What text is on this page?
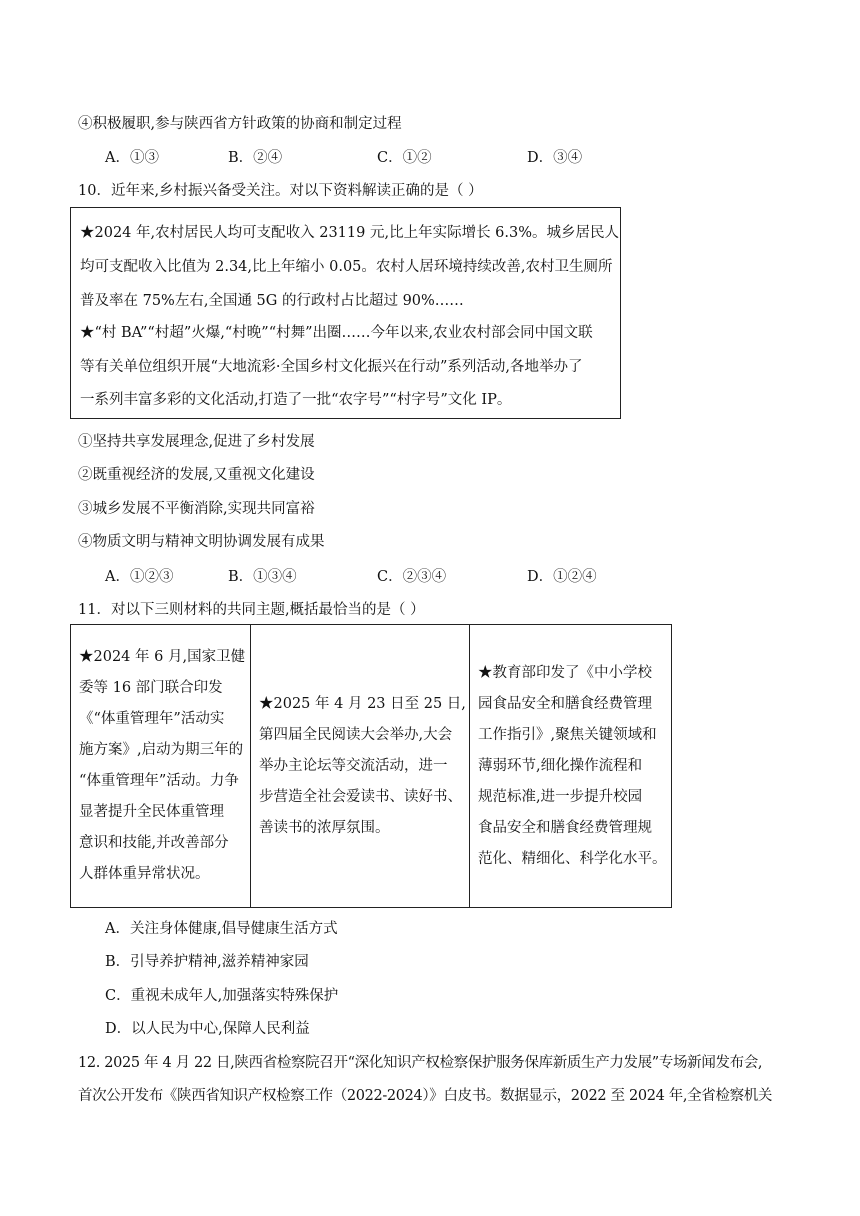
④积极履职,参与陕西省方针政策的协商和制定过程
A．①③	B．②④	C．①②	D．③④
10．近年来,乡村振兴备受关注。对以下资料解读正确的是（ ）

★2024 年,农村居民人均可支配收入 23119 元,比上年实际增长 6.3%。城乡居民人

均可支配收入比值为 2.34,比上年缩小 0.05。农村人居环境持续改善,农村卫生厕所

普及率在 75%左右,全国通 5G 的行政村占比超过 90%……

★“村 BA”“村超”火爆,“村晚”“村舞”出圈……今年以来,农业农村部会同中国文联

等有关单位组织开展“大地流彩·全国乡村文化振兴在行动”系列活动,各地举办了

一系列丰富多彩的文化活动,打造了一批“农字号”“村字号”文化 IP。

①坚持共享发展理念,促进了乡村发展
②既重视经济的发展,又重视文化建设
③城乡发展不平衡消除,实现共同富裕
④物质文明与精神文明协调发展有成果
A．①②③	B．①③④	C．②③④	D．①②④
11．对以下三则材料的共同主题,概括最恰当的是（ ）
★2024 年 6 月,国家卫健
委等 16 部门联合印发
《“体重管理年”活动实
施方案》,启动为期三年的
“体重管理年”活动。力争
显著提升全民体重管理
意识和技能,并改善部分
人群体重异常状况。

★2025 年 4 月 23 日至 25 日,
第四届全民阅读大会举办,大会
举办主论坛等交流活动，进一
步营造全社会爱读书、读好书、
善读书的浓厚氛围。

★教育部印发了《中小学校
园食品安全和膳食经费管理
工作指引》,聚焦关键领域和
薄弱环节,细化操作流程和
规范标准,进一步提升校园
食品安全和膳食经费管理规
范化、精细化、科学化水平。
A．关注身体健康,倡导健康生活方式
B．引导养护精神,滋养精神家园
C．重视未成年人,加强落实特殊保护
D．以人民为中心,保障人民利益
12. 2025 年 4 月 22 日,陕西省检察院召开“深化知识产权检察保护服务保库新质生产力发展”专场新闻发布会,
首次公开发布《陕西省知识产权检察工作（2022-2024）》白皮书。数据显示，2022 至 2024 年,全省检察机关
